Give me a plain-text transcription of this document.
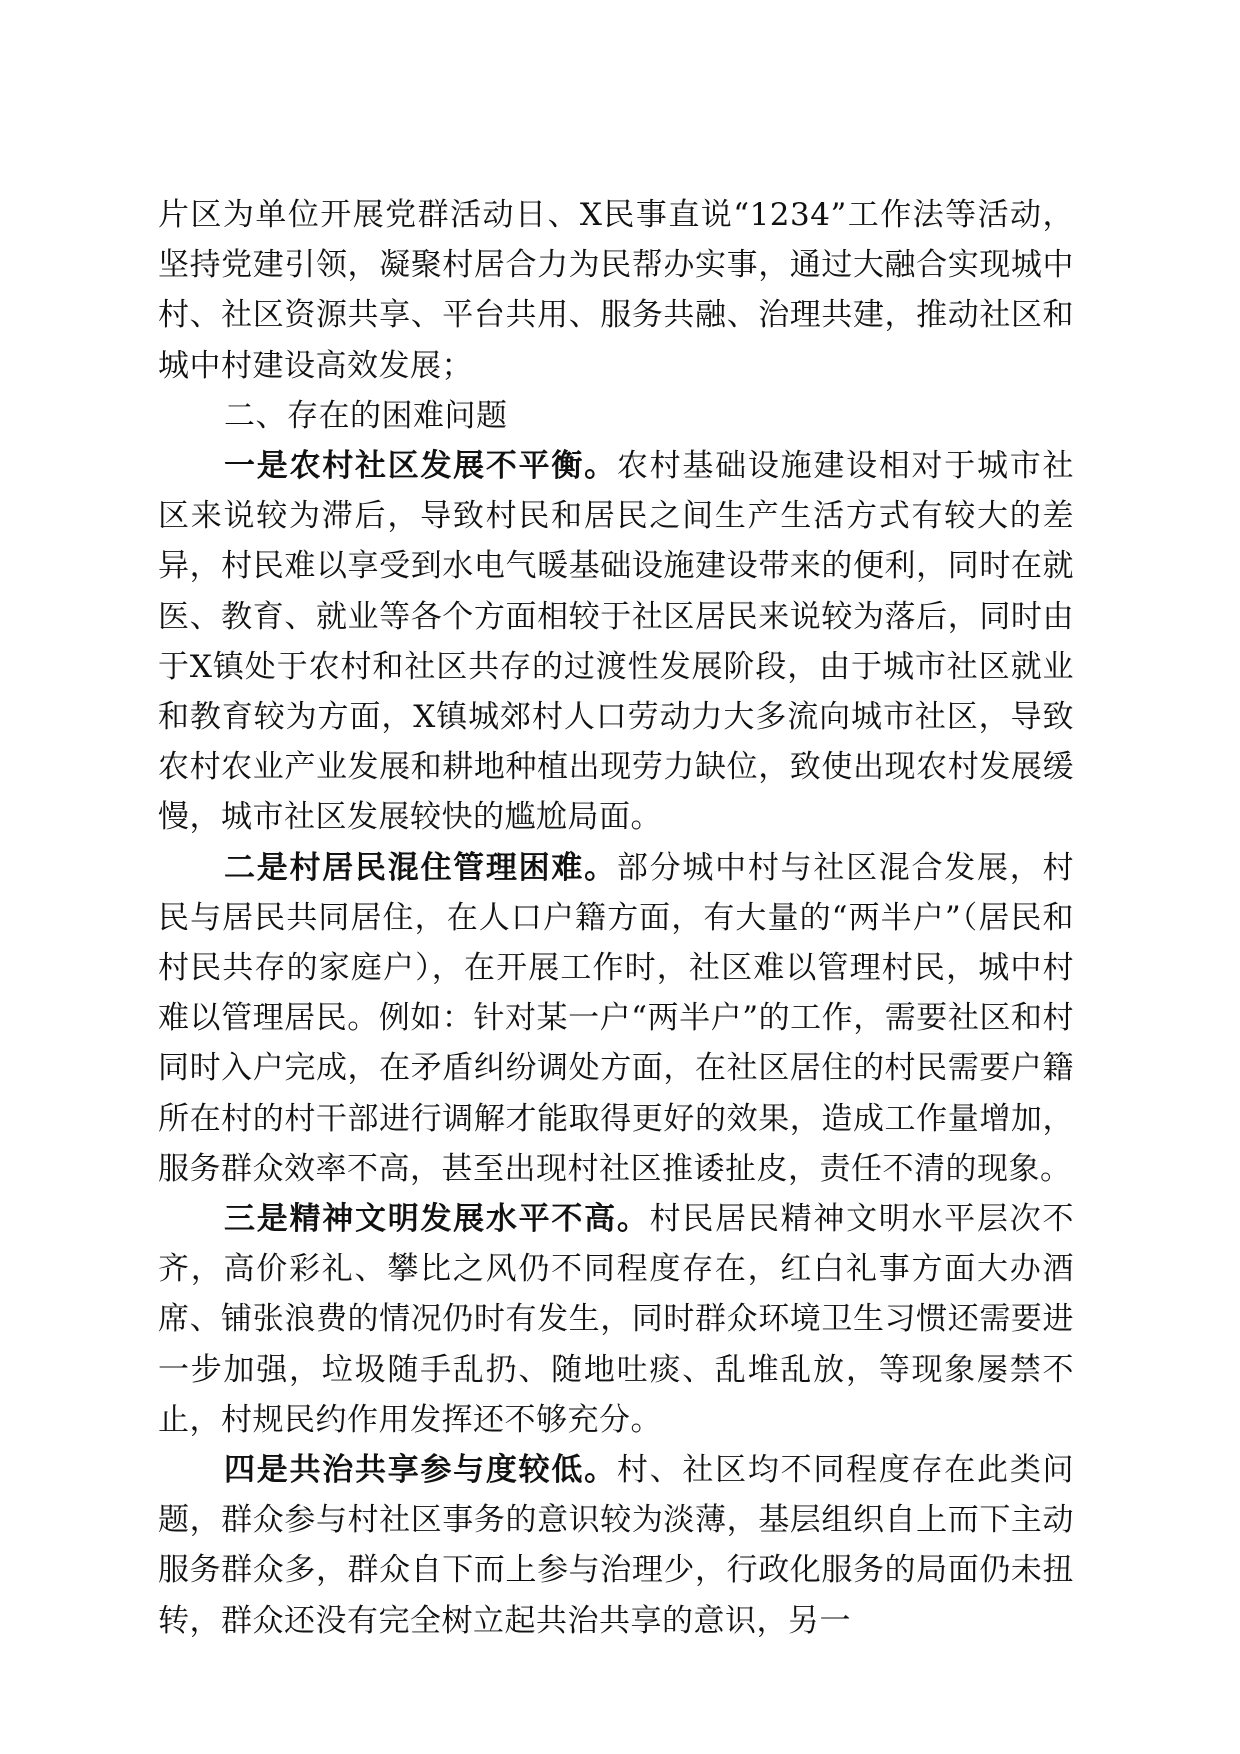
片区为单位开展党群活动日、X民事直说“1234”工作法等活动，坚持党建引领，凝聚村居合力为民帮办实事，通过大融合实现城中村、社区资源共享、平台共用、服务共融、治理共建，推动社区和城中村建设高效发展；

二、存在的困难问题

一是农村社区发展不平衡。农村基础设施建设相对于城市社区来说较为滞后，导致村民和居民之间生产生活方式有较大的差异，村民难以享受到水电气暖基础设施建设带来的便利，同时在就医、教育、就业等各个方面相较于社区居民来说较为落后，同时由于X镇处于农村和社区共存的过渡性发展阶段，由于城市社区就业和教育较为方面，X镇城郊村人口劳动力大多流向城市社区，导致农村农业产业发展和耕地种植出现劳力缺位，致使出现农村发展缓慢，城市社区发展较快的尴尬局面。

二是村居民混住管理困难。部分城中村与社区混合发展，村民与居民共同居住，在人口户籍方面，有大量的“两半户”（居民和村民共存的家庭户），在开展工作时，社区难以管理村民，城中村难以管理居民。例如：针对某一户“两半户”的工作，需要社区和村同时入户完成，在矛盾纠纷调处方面，在社区居住的村民需要户籍所在村的村干部进行调解才能取得更好的效果，造成工作量增加，服务群众效率不高，甚至出现村社区推诿扯皮，责任不清的现象。

三是精神文明发展水平不高。村民居民精神文明水平层次不齐，高价彩礼、攀比之风仍不同程度存在，红白礼事方面大办酒席、铺张浪费的情况仍时有发生，同时群众环境卫生习惯还需要进一步加强，垃圾随手乱扔、随地吐痰、乱堆乱放，等现象屡禁不止，村规民约作用发挥还不够充分。

四是共治共享参与度较低。村、社区均不同程度存在此类问题，群众参与村社区事务的意识较为淡薄，基层组织自上而下主动服务群众多，群众自下而上参与治理少，行政化服务的局面仍未扭转，群众还没有完全树立起共治共享的意识，另一
